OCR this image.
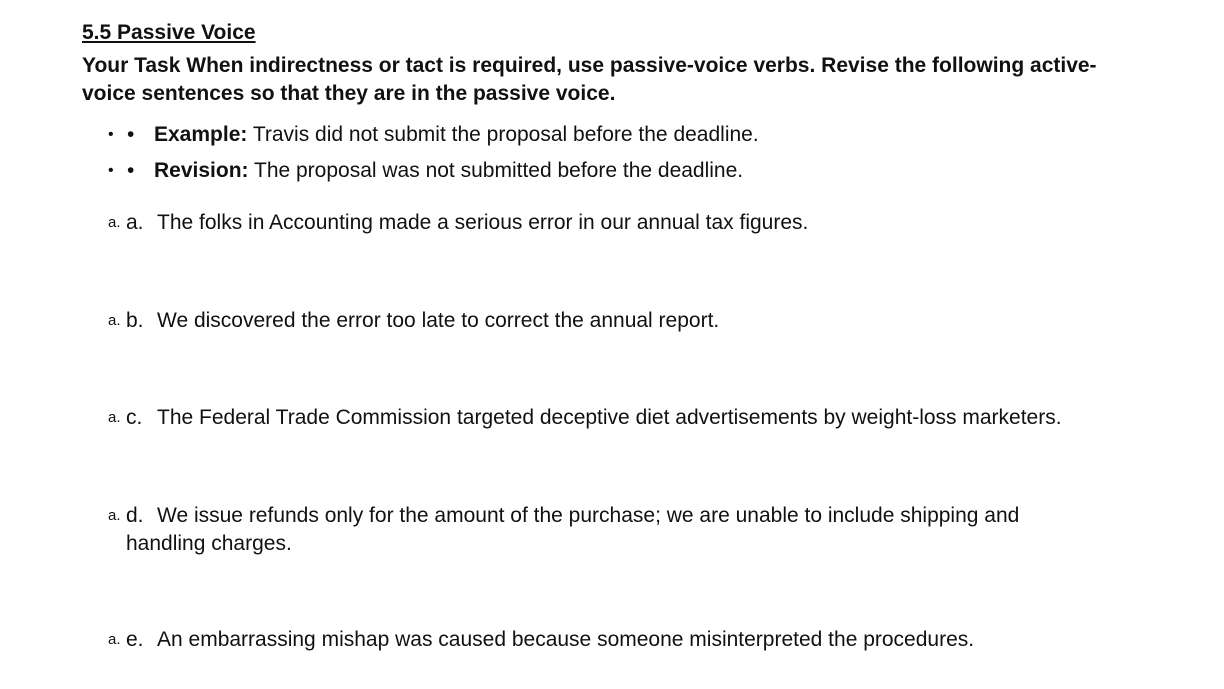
5.5 Passive Voice

Your Task When indirectness or tact is required, use passive-voice verbs. Revise the following active-voice sentences so that they are in the passive voice.

• • Example: Travis did not submit the proposal before the deadline.
• • Revision: The proposal was not submitted before the deadline.
a. a. The folks in Accounting made a serious error in our annual tax figures.
a. b. We discovered the error too late to correct the annual report.
a. c. The Federal Trade Commission targeted deceptive diet advertisements by weight-loss marketers.
a. d. We issue refunds only for the amount of the purchase; we are unable to include shipping and handling charges.
a. e. An embarrassing mishap was caused because someone misinterpreted the procedures.
